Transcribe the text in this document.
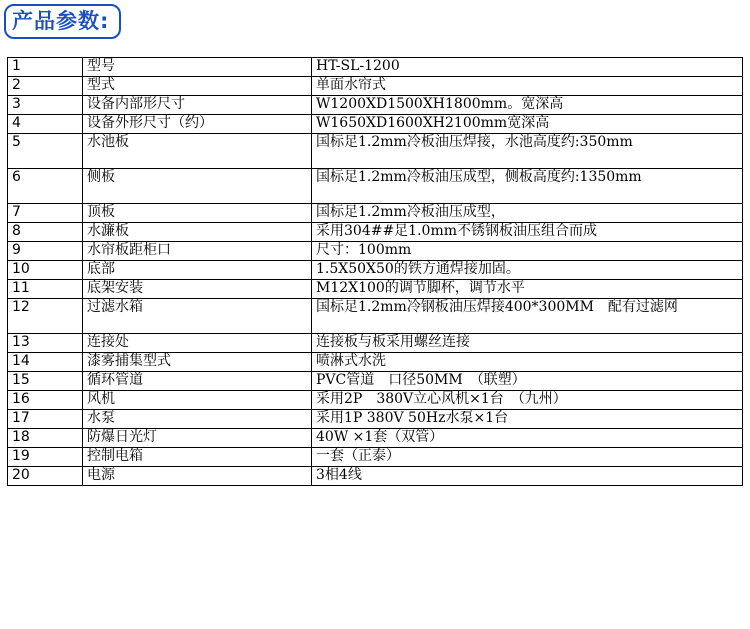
产品参数:
1	型号	HT-SL-1200
2	型式	单面水帘式
3	设备内部形尺寸	W1200XD1500XH1800mm。宽深高
4	设备外形尺寸（约）	W1650XD1600XH2100mm宽深高
5	水池板	国标足1.2mm冷板油压焊接，水池高度约:350mm
6	侧板	国标足1.2mm冷板油压成型，侧板高度约:1350mm
7	顶板	国标足1.2mm冷板油压成型，
8	水濂板	采用304##足1.0mm不锈钢板油压组合而成
9	水帘板距柜口	尺寸：100mm
10	底部	1.5X50X50的铁方通焊接加固。
11	底架安装	M12X100的调节脚杯，调节水平
12	过滤水箱	国标足1.2mm冷钢板油压焊接400*300MM　配有过滤网
13	连接处	连接板与板采用螺丝连接
14	漆雾捕集型式	喷淋式水洗
15	循环管道	PVC管道　口径50MM　（联塑）
16	风机	采用2P　380V立心风机×1台　（九州）
17	水泵	采用1P 380V 50Hz水泵×1台
18	防爆日光灯	40W ×1套（双管）
19	控制电箱	一套（正泰）
20	电源	3相4线
